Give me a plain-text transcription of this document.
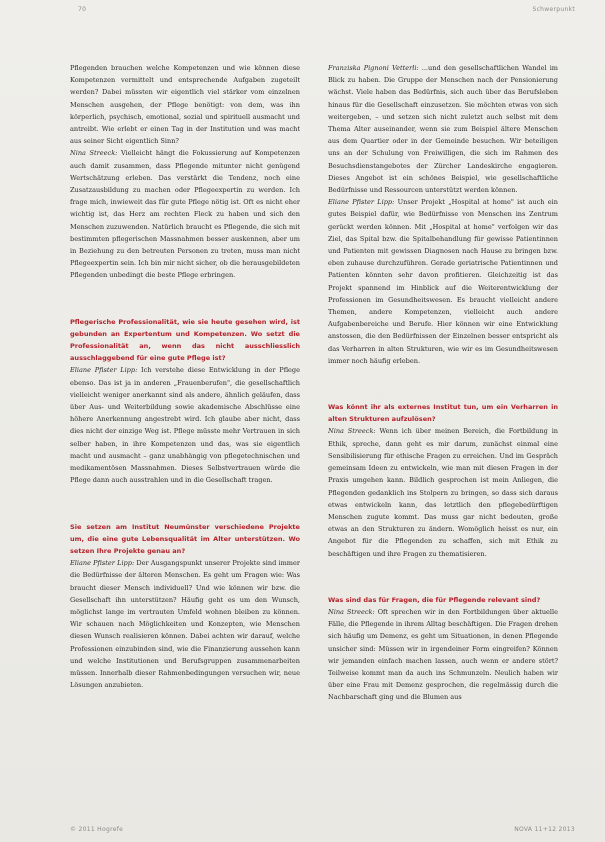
70	Schwerpunkt

Pflegenden brauchen welche Kompetenzen und wie können diese Kompetenzen vermittelt und entsprechende Aufgaben zugeteilt werden? Dabei müssten wir eigentlich viel stärker vom einzelnen Menschen ausgehen, der Pflege benötigt: von dem, was ihn körperlich, psychisch, emotional, sozial und spirituell ausmacht und antreibt. Wie erlebt er einen Tag in der Institution und was macht aus seiner Sicht eigentlich Sinn?

Nina Streeck: Vielleicht hängt die Fokussierung auf Kompetenzen auch damit zusammen, dass Pflegende mitunter nicht genügend Wertschätzung erleben. Das verstärkt die Tendenz, noch eine Zusatzausbildung zu machen oder Pflegeexpertin zu werden. Ich frage mich, inwieweit das für gute Pflege nötig ist. Oft es nicht eher wichtig ist, das Herz am rechten Fleck zu haben und sich den Menschen zuzuwenden. Natürlich braucht es Pflegende, die sich mit bestimmten pflegerischen Massnahmen besser auskennen, aber um in Beziehung zu den betreuten Personen zu treten, muss man nicht Pflegeexpertin sein. Ich bin mir nicht sicher, ob die herausgebildeten Pflegenden unbedingt die beste Pflege erbringen.

Pflegerische Professionalität, wie sie heute gesehen wird, ist gebunden an Expertentum und Kompetenzen. Wo setzt die Professionalität an, wenn das nicht ausschliesslich ausschlaggebend für eine gute Pflege ist?

Eliane Pfister Lipp: Ich verstehe diese Entwicklung in der Pflege ebenso. Das ist ja in anderen „Frauenberufen", die gesellschaftlich vielleicht weniger anerkannt sind als andere, ähnlich geläufen, dass über Aus- und Weiterbildung sowie akademische Abschlüsse eine höhere Anerkennung angestrebt wird. Ich glaube aber nicht, dass dies nicht der einzige Weg ist. Pflege müsste mehr Vertrauen in sich selber haben, in ihre Kompetenzen und das, was sie eigentlich macht und ausmacht – ganz unabhängig von pflegetechnischen und medikamentösen Massnahmen. Dieses Selbstvertrauen würde die Pflege dann auch ausstrahlen und in die Gesellschaft tragen.

Sie setzen am Institut Neumünster verschiedene Projekte um, die eine gute Lebensqualität im Alter unterstützen. Wo setzen Ihre Projekte genau an?

Eliane Pfister Lipp: Der Ausgangspunkt unserer Projekte sind immer die Bedürfnisse der älteren Menschen. Es geht um Fragen wie: Was braucht dieser Mensch individuell? Und wie können wir bzw. die Gesellschaft ihn unterstützen? Häufig geht es um den Wunsch, möglichst lange im vertrauten Umfeld wohnen bleiben zu können. Wir schauen nach Möglichkeiten und Konzepten, wie Menschen diesen Wunsch realisieren können. Dabei achten wir darauf, welche Professionen einzubinden sind, wie die Finanzierung aussehen kann und welche Institutionen und Berufsgruppen zusammenarbeiten müssen. Innerhalb dieser Rahmenbedingungen versuchen wir, neue Lösungen anzubieten.

Franziska Pignoni Vetterli: ...und den gesellschaftlichen Wandel im Blick zu haben. Die Gruppe der Menschen nach der Pensionierung wächst. Viele haben das Bedürfnis, sich auch über das Berufsleben hinaus für die Gesellschaft einzusetzen. Sie möchten etwas von sich weitergeben, – und setzen sich nicht zuletzt auch selbst mit dem Thema Alter auseinander, wenn sie zum Beispiel ältere Menschen aus dem Quartier oder in der Gemeinde besuchen. Wir beteiligen uns an der Schulung von Freiwilligen, die sich im Rahmen des Besuchsdienstangebotes der Zürcher Landeskirche engagieren. Dieses Angebot ist ein schönes Beispiel, wie gesellschaftliche Bedürfnisse und Ressourcen unterstützt werden können.

Eliane Pfister Lipp: Unser Projekt „Hospital at home" ist auch ein gutes Beispiel dafür, wie Bedürfnisse von Menschen ins Zentrum gerückt werden können. Mit „Hospital at home" verfolgen wir das Ziel, das Spital bzw. die Spitalbehandlung für gewisse Patientinnen und Patienten mit gewissen Diagnosen nach Hause zu bringen bzw. eben zuhause durchzuführen. Gerade geriatrische Patientinnen und Patienten könnten sehr davon profitieren. Gleichzeitig ist das Projekt spannend im Hinblick auf die Weiterentwicklung der Professionen im Gesundheitswesen. Es braucht vielleicht andere Themen, andere Kompetenzen, vielleicht auch andere Aufgabenbereiche und Berufe. Hier können wir eine Entwicklung anstossen, die den Bedürfnissen der Einzelnen besser entspricht als das Verharren in alten Strukturen, wie wir es im Gesundheitswesen immer noch häufig erleben.

Was könnt ihr als externes Institut tun, um ein Verharren in alten Strukturen aufzulösen?

Nina Streeck: Wenn ich über meinen Bereich, die Fortbildung in Ethik, spreche, dann geht es mir darum, zunächst einmal eine Sensibilisierung für ethische Fragen zu erreichen. Und im Gespräch gemeinsam Ideen zu entwickeln, wie man mit diesen Fragen in der Praxis umgehen kann. Bildlich gesprochen ist mein Anliegen, die Pflegenden gedanklich ins Stolpern zu bringen, so dass sich daraus etwas entwickeln kann, das letztlich den pflegebedürftigen Menschen zugute kommt. Das muss gar nicht bedeuten, große etwas an den Strukturen zu ändern. Womöglich heisst es nur, ein Angebot für die Pflegenden zu schaffen, sich mit Ethik zu beschäftigen und ihre Fragen zu thematisieren.

Was sind das für Fragen, die für Pflegende relevant sind?

Nina Streeck: Oft sprechen wir in den Fortbildungen über aktuelle Fälle, die Pflegende in ihrem Alltag beschäftigen. Die Fragen drehen sich häufig um Demenz, es geht um Situationen, in denen Pflegende unsicher sind: Müssen wir in irgendeiner Form eingreifen? Können wir jemanden einfach machen lassen, auch wenn er andere stört? Teilweise kommt man da auch ins Schmunzeln. Neulich haben wir über eine Frau mit Demenz gesprochen, die regelmässig durch die Nachbarschaft ging und die Blumen aus

© 2011 Hogrefe	NOVA 11+12 2013
